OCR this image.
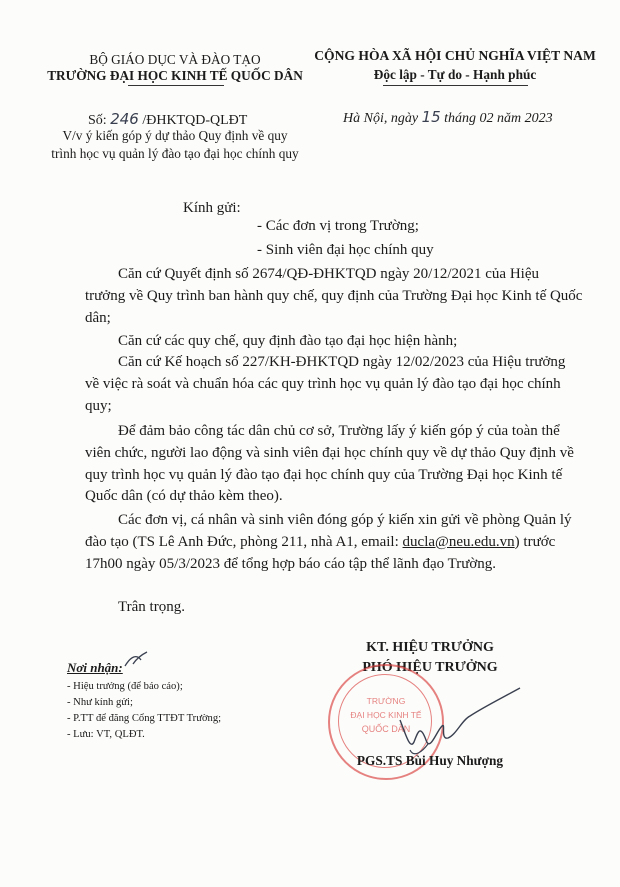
BỘ GIÁO DỤC VÀ ĐÀO TẠO
TRƯỜNG ĐẠI HỌC KINH TẾ QUỐC DÂN
CỘNG HÒA XÃ HỘI CHỦ NGHĨA VIỆT NAM
Độc lập - Tự do - Hạnh phúc
Số: 246 /ĐHKTQD-QLĐT
V/v ý kiến góp ý dự thảo Quy định về quy
trình học vụ quản lý đào tạo đại học chính quy
Hà Nội, ngày 15 tháng 02 năm 2023
Kính gửi:
- Các đơn vị trong Trường;
- Sinh viên đại học chính quy
Căn cứ Quyết định số 2674/QĐ-ĐHKTQD ngày 20/12/2021 của Hiệu
trưởng về Quy trình ban hành quy chế, quy định của Trường Đại học Kinh tế Quốc
dân;
Căn cứ các quy chế, quy định đào tạo đại học hiện hành;
Căn cứ Kế hoạch số 227/KH-ĐHKTQD ngày 12/02/2023 của Hiệu trưởng
về việc rà soát và chuẩn hóa các quy trình học vụ quản lý đào tạo đại học chính
quy;
Để đảm bảo công tác dân chủ cơ sở, Trường lấy ý kiến góp ý của toàn thể
viên chức, người lao động và sinh viên đại học chính quy về dự thảo Quy định về
quy trình học vụ quản lý đào tạo đại học chính quy của Trường Đại học Kinh tế
Quốc dân (có dự thảo kèm theo).
Các đơn vị, cá nhân và sinh viên đóng góp ý kiến xin gửi về phòng Quản lý
đào tạo (TS Lê Anh Đức, phòng 211, nhà A1, email: ducla@neu.edu.vn) trước
17h00 ngày 05/3/2023 để tổng hợp báo cáo tập thể lãnh đạo Trường.
Trân trọng.
KT. HIỆU TRƯỞNG
PHÓ HIỆU TRƯỞNG
Nơi nhận:
- Hiệu trưởng (để báo cáo);
- Như kính gửi;
- P.TT để đăng Cổng TTĐT Trường;
- Lưu: VT, QLĐT.
TRƯỜNG
ĐẠI HỌC KINH TẾ
QUỐC DÂN
PGS.TS Bùi Huy Nhượng
